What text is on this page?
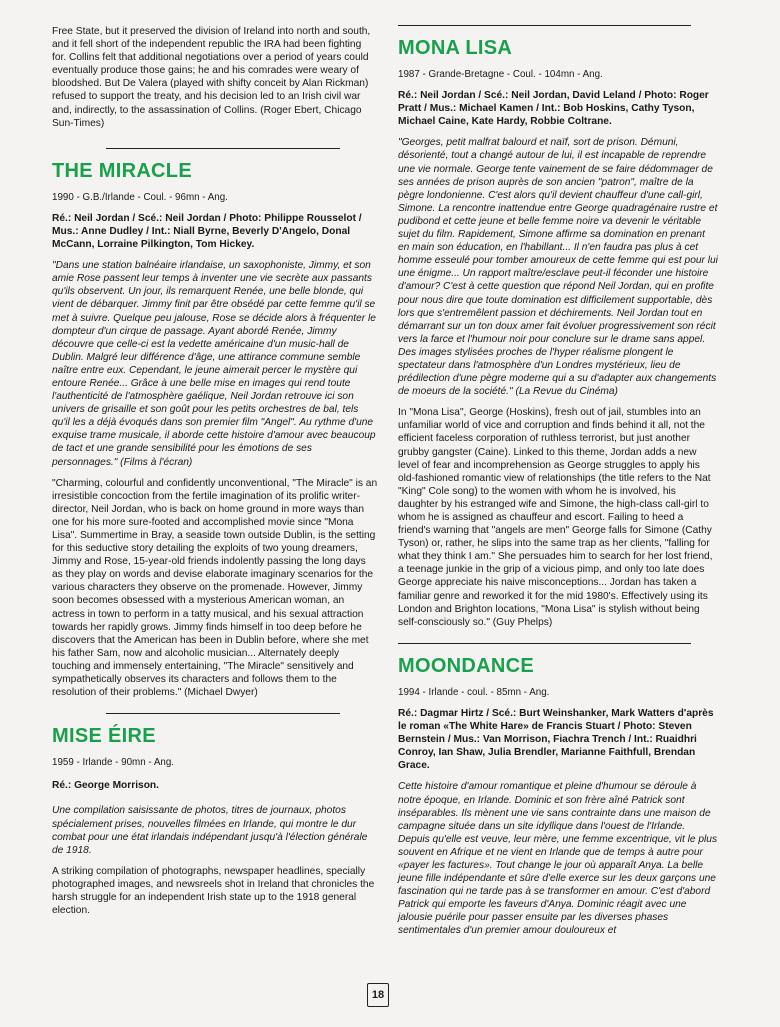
Free State, but it preserved the division of Ireland into north and south, and it fell short of the independent republic the IRA had been fighting for. Collins felt that additional negotiations over a period of years could eventually produce those gains; he and his comrades were weary of bloodshed. But De Valera (played with shifty conceit by Alan Rickman) refused to support the treaty, and his decision led to an Irish civil war and, indirectly, to the assassination of Collins. (Roger Ebert, Chicago Sun-Times)

THE MIRACLE

1990 - G.B./Irlande - Coul. - 96mn - Ang.

Ré.: Neil Jordan / Scé.: Neil Jordan / Photo: Philippe Rousselot / Mus.: Anne Dudley / Int.: Niall Byrne, Beverly D'Angelo, Donal McCann, Lorraine Pilkington, Tom Hickey.

"Dans une station balnéaire irlandaise, un saxophoniste, Jimmy, et son amie Rose passent leur temps à inventer une vie secrète aux passants qu'ils observent. Un jour, ils remarquent Renée, une belle blonde, qui vient de débarquer. Jimmy finit par être obsédé par cette femme qu'il se met à suivre. Quelque peu jalouse, Rose se décide alors à fréquenter le dompteur d'un cirque de passage. Ayant abordé Renée, Jimmy découvre que celle-ci est la vedette américaine d'un music-hall de Dublin. Malgré leur différence d'âge, une attirance commune semble naître entre eux. Cependant, le jeune aimerait percer le mystère qui entoure Renée... Grâce à une belle mise en images qui rend toute l'authenticité de l'atmosphère gaélique, Neil Jordan retrouve ici son univers de grisaille et son goût pour les petits orchestres de bal, tels qu'il les a déjà évoqués dans son premier film "Angel". Au rythme d'une exquise trame musicale, il aborde cette histoire d'amour avec beaucoup de tact et une grande sensibilité pour les émotions de ses personnages." (Films à l'écran)

"Charming, colourful and confidently unconventional, "The Miracle" is an irresistible concoction from the fertile imagination of its prolific writer-director, Neil Jordan, who is back on home ground in more ways than one for his more sure-footed and accomplished movie since "Mona Lisa". Summertime in Bray, a seaside town outside Dublin, is the setting for this seductive story detailing the exploits of two young dreamers, Jimmy and Rose, 15-year-old friends indolently passing the long days as they play on words and devise elaborate imaginary scenarios for the various characters they observe on the promenade. However, Jimmy soon becomes obsessed with a mysterious American woman, an actress in town to perform in a tatty musical, and his sexual attraction towards her rapidly grows. Jimmy finds himself in too deep before he discovers that the American has been in Dublin before, where she met his father Sam, now and alcoholic musician... Alternately deeply touching and immensely entertaining, "The Miracle" sensitively and sympathetically observes its characters and follows them to the resolution of their problems." (Michael Dwyer)

MISE ÉIRE

1959 - Irlande - 90mn - Ang.

Ré.: George Morrison.

Une compilation saisissante de photos, titres de journaux, photos spécialement prises, nouvelles filmées en Irlande, qui montre le dur combat pour une état irlandais indépendant jusqu'à l'élection générale de 1918.

A striking compilation of photographs, newspaper headlines, specially photographed images, and newsreels shot in Ireland that chronicles the harsh struggle for an independent Irish state up to the 1918 general election.

MONA LISA

1987 - Grande-Bretagne - Coul. - 104mn - Ang.

Ré.: Neil Jordan / Scé.: Neil Jordan, David Leland / Photo: Roger Pratt / Mus.: Michael Kamen / Int.: Bob Hoskins, Cathy Tyson, Michael Caine, Kate Hardy, Robbie Coltrane.

"Georges, petit malfrat balourd et naïf, sort de prison. Démuni, désorienté, tout a changé autour de lui, il est incapable de reprendre une vie normale. George tente vainement de se faire dédommager de ses années de prison auprès de son ancien "patron", maître de la pègre londonienne. C'est alors qu'il devient chauffeur d'une call-girl, Simone. La rencontre inattendue entre George quadragénaire rustre et pudibond et cette jeune et belle femme noire va devenir le véritable sujet du film. Rapidement, Simone affirme sa domination en prenant en main son éducation, en l'habillant... Il n'en faudra pas plus à cet homme esseulé pour tomber amoureux de cette femme qui est pour lui une énigme... Un rapport maître/esclave peut-il féconder une histoire d'amour? C'est à cette question que répond Neil Jordan, qui en profite pour nous dire que toute domination est difficilement supportable, dès lors que s'entremêlent passion et déchirements. Neil Jordan tout en démarrant sur un ton doux amer fait évoluer progressivement son récit vers la farce et l'humour noir pour conclure sur le drame sans appel. Des images stylisées proches de l'hyper réalisme plongent le spectateur dans l'atmosphère d'un Londres mystérieux, lieu de prédilection d'une pègre moderne qui a su d'adapter aux changements de moeurs de la société." (La Revue du Cinéma)

In "Mona Lisa", George (Hoskins), fresh out of jail, stumbles into an unfamiliar world of vice and corruption and finds behind it all, not the efficient faceless corporation of ruthless terrorist, but just another grubby gangster (Caine). Linked to this theme, Jordan adds a new level of fear and incomprehension as George struggles to apply his old-fashioned romantic view of relationships (the title refers to the Nat "King" Cole song) to the women with whom he is involved, his daughter by his estranged wife and Simone, the high-class call-girl to whom he is assigned as chauffeur and escort. Failing to heed a friend's warning that "angels are men" George falls for Simone (Cathy Tyson) or, rather, he slips into the same trap as her clients, "falling for what they think I am." She persuades him to search for her lost friend, a teenage junkie in the grip of a vicious pimp, and only too late does George appreciate his naive misconceptions... Jordan has taken a familiar genre and reworked it for the mid 1980's. Effectively using its London and Brighton locations, "Mona Lisa" is stylish without being self-consciously so." (Guy Phelps)

MOONDANCE

1994 - Irlande - coul. - 85mn - Ang.

Ré.: Dagmar Hirtz / Scé.: Burt Weinshanker, Mark Watters d'après le roman «The White Hare» de Francis Stuart / Photo: Steven Bernstein / Mus.: Van Morrison, Fiachra Trench / Int.: Ruaidhri Conroy, Ian Shaw, Julia Brendler, Marianne Faithfull, Brendan Grace.

Cette histoire d'amour romantique et pleine d'humour se déroule à notre époque, en Irlande. Dominic et son frère aîné Patrick sont inséparables. Ils mènent une vie sans contrainte dans une maison de campagne située dans un site idyllique dans l'ouest de l'Irlande. Depuis qu'elle est veuve, leur mère, une femme excentrique, vit le plus souvent en Afrique et ne vient en Irlande que de temps à autre pour «payer les factures». Tout change le jour où apparaît Anya. La belle jeune fille indépendante et sûre d'elle exerce sur les deux garçons une fascination qui ne tarde pas à se transformer en amour. C'est d'abord Patrick qui emporte les faveurs d'Anya. Dominic réagit avec une jalousie puérile pour passer ensuite par les diverses phases sentimentales d'un premier amour douloureux et

18
